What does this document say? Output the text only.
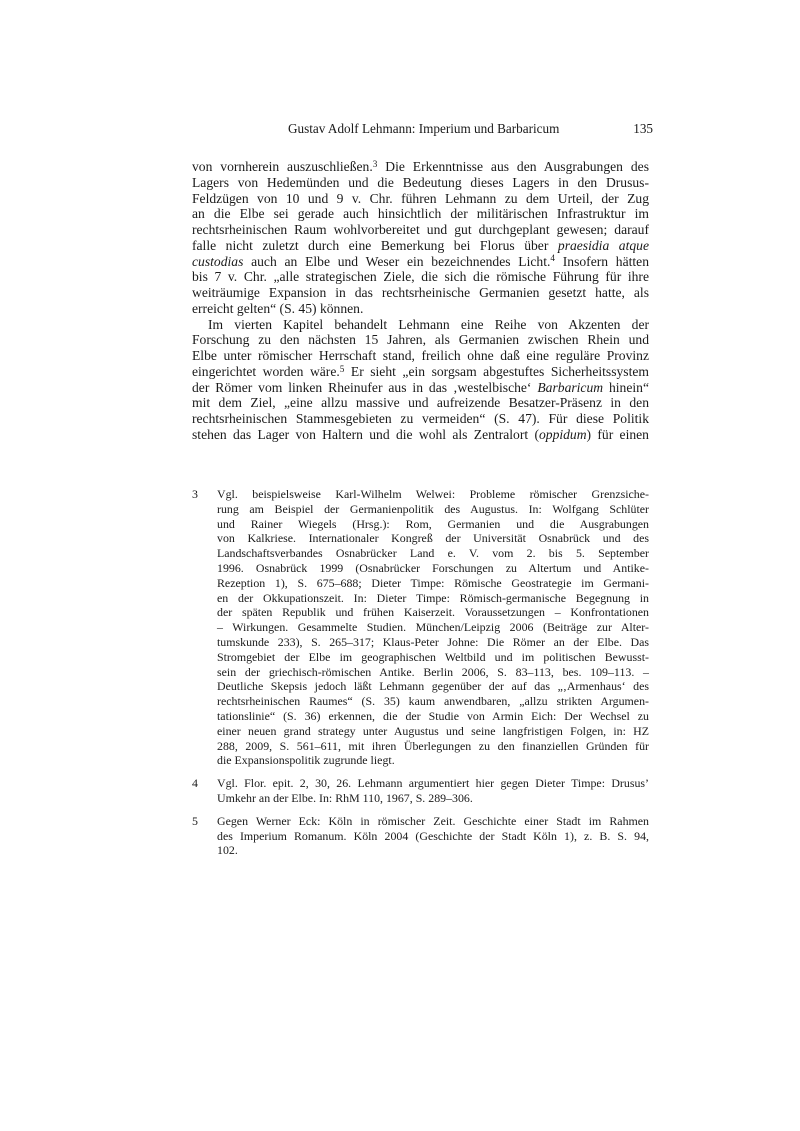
Gustav Adolf Lehmann: Imperium und Barbaricum	135
von vornherein auszuschließen.$^3$ Die Erkenntnisse aus den Ausgrabungen des
Lagers von Hedemünden und die Bedeutung dieses Lagers in den Drusus-
Feldzügen von 10 und 9 v. Chr. führen Lehmann zu dem Urteil, der Zug
an die Elbe sei gerade auch hinsichtlich der militärischen Infrastruktur im
rechtsrheinischen Raum wohlvorbereitet und gut durchgeplant gewesen; darauf
falle nicht zuletzt durch eine Bemerkung bei Florus über praesidia atque
custodias auch an Elbe und Weser ein bezeichnendes Licht.$^4$ Insofern hätten
bis 7 v. Chr. „alle strategischen Ziele, die sich die römische Führung für ihre
weiträumige Expansion in das rechtsrheinische Germanien gesetzt hatte, als
erreicht gelten“ (S. 45) können.
Im vierten Kapitel behandelt Lehmann eine Reihe von Akzenten der
Forschung zu den nächsten 15 Jahren, als Germanien zwischen Rhein und
Elbe unter römischer Herrschaft stand, freilich ohne daß eine reguläre Provinz
eingerichtet worden wäre.$^5$ Er sieht „ein sorgsam abgestuftes Sicherheitssystem
der Römer vom linken Rheinufer aus in das ‚westelbische‘ Barbaricum hinein“
mit dem Ziel, „eine allzu massive und aufreizende Besatzer-Präsenz in den
rechtsrheinischen Stammesgebieten zu vermeiden“ (S. 47). Für diese Politik
stehen das Lager von Haltern und die wohl als Zentralort (oppidum) für einen
3 Vgl. beispielsweise Karl-Wilhelm Welwei: Probleme römischer Grenzsiche-
rung am Beispiel der Germanienpolitik des Augustus. In: Wolfgang Schlüter
und Rainer Wiegels (Hrsg.): Rom, Germanien und die Ausgrabungen
von Kalkriese. Internationaler Kongreß der Universität Osnabrück und des
Landschaftsverbandes Osnabrücker Land e. V. vom 2. bis 5. September
1996. Osnabrück 1999 (Osnabrücker Forschungen zu Altertum und Antike-
Rezeption 1), S. 675–688; Dieter Timpe: Römische Geostrategie im Germani-
en der Okkupationszeit. In: Dieter Timpe: Römisch-germanische Begegnung in
der späten Republik und frühen Kaiserzeit. Voraussetzungen – Konfrontationen
– Wirkungen. Gesammelte Studien. München/Leipzig 2006 (Beiträge zur Alter-
tumskunde 233), S. 265–317; Klaus-Peter Johne: Die Römer an der Elbe. Das
Stromgebiet der Elbe im geographischen Weltbild und im politischen Bewusst-
sein der griechisch-römischen Antike. Berlin 2006, S. 83–113, bes. 109–113. –
Deutliche Skepsis jedoch läßt Lehmann gegenüber der auf das „‚Armenhaus‘ des
rechtsrheinischen Raumes“ (S. 35) kaum anwendbaren, „allzu strikten Argumen-
tationslinie“ (S. 36) erkennen, die der Studie von Armin Eich: Der Wechsel zu
einer neuen grand strategy unter Augustus und seine langfristigen Folgen, in: HZ
288, 2009, S. 561–611, mit ihren Überlegungen zu den finanziellen Gründen für
die Expansionspolitik zugrunde liegt.
4 Vgl. Flor. epit. 2, 30, 26. Lehmann argumentiert hier gegen Dieter Timpe: Drusus’
Umkehr an der Elbe. In: RhM 110, 1967, S. 289–306.
5 Gegen Werner Eck: Köln in römischer Zeit. Geschichte einer Stadt im Rahmen
des Imperium Romanum. Köln 2004 (Geschichte der Stadt Köln 1), z. B. S. 94,
102.
